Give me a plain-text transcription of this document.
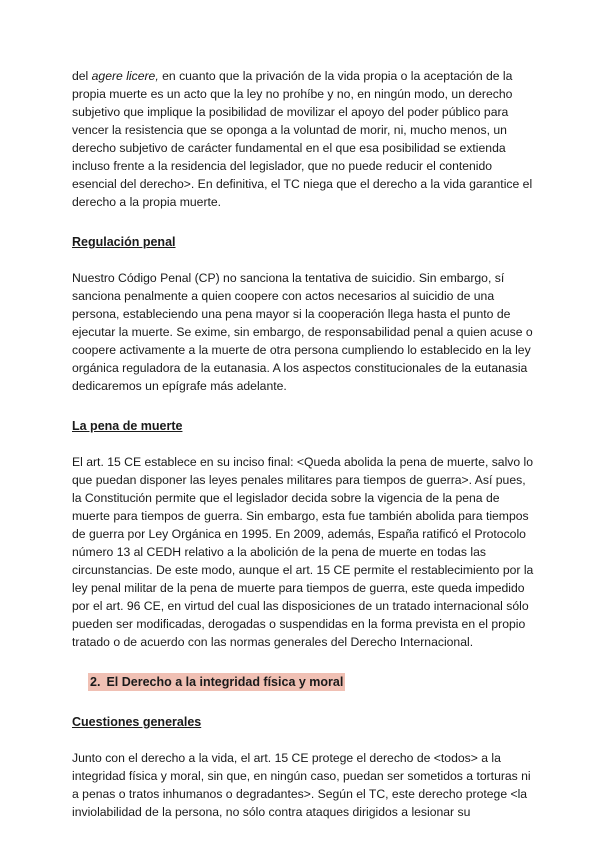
del agere licere, en cuanto que la privación de la vida propia o la aceptación de la propia muerte es un acto que la ley no prohíbe y no, en ningún modo, un derecho subjetivo que implique la posibilidad de movilizar el apoyo del poder público para vencer la resistencia que se oponga a la voluntad de morir, ni, mucho menos, un derecho subjetivo de carácter fundamental en el que esa posibilidad se extienda incluso frente a la residencia del legislador, que no puede reducir el contenido esencial del derecho>. En definitiva, el TC niega que el derecho a la vida garantice el derecho a la propia muerte.

Regulación penal

Nuestro Código Penal (CP) no sanciona la tentativa de suicidio. Sin embargo, sí sanciona penalmente a quien coopere con actos necesarios al suicidio de una persona, estableciendo una pena mayor si la cooperación llega hasta el punto de ejecutar la muerte. Se exime, sin embargo, de responsabilidad penal a quien acuse o coopere activamente a la muerte de otra persona cumpliendo lo establecido en la ley orgánica reguladora de la eutanasia. A los aspectos constitucionales de la eutanasia dedicaremos un epígrafe más adelante.

La pena de muerte

El art. 15 CE establece en su inciso final: <Queda abolida la pena de muerte, salvo lo que puedan disponer las leyes penales militares para tiempos de guerra>. Así pues, la Constitución permite que el legislador decida sobre la vigencia de la pena de muerte para tiempos de guerra. Sin embargo, esta fue también abolida para tiempos de guerra por Ley Orgánica en 1995. En 2009, además, España ratificó el Protocolo número 13 al CEDH relativo a la abolición de la pena de muerte en todas las circunstancias. De este modo, aunque el art. 15 CE permite el restablecimiento por la ley penal militar de la pena de muerte para tiempos de guerra, este queda impedido por el art. 96 CE, en virtud del cual las disposiciones de un tratado internacional sólo pueden ser modificadas, derogadas o suspendidas en la forma prevista en el propio tratado o de acuerdo con las normas generales del Derecho Internacional.

2. El Derecho a la integridad física y moral
Cuestiones generales

Junto con el derecho a la vida, el art. 15 CE protege el derecho de <todos> a la integridad física y moral, sin que, en ningún caso, puedan ser sometidos a torturas ni a penas o tratos inhumanos o degradantes>. Según el TC, este derecho protege <la inviolabilidad de la persona, no sólo contra ataques dirigidos a lesionar su
